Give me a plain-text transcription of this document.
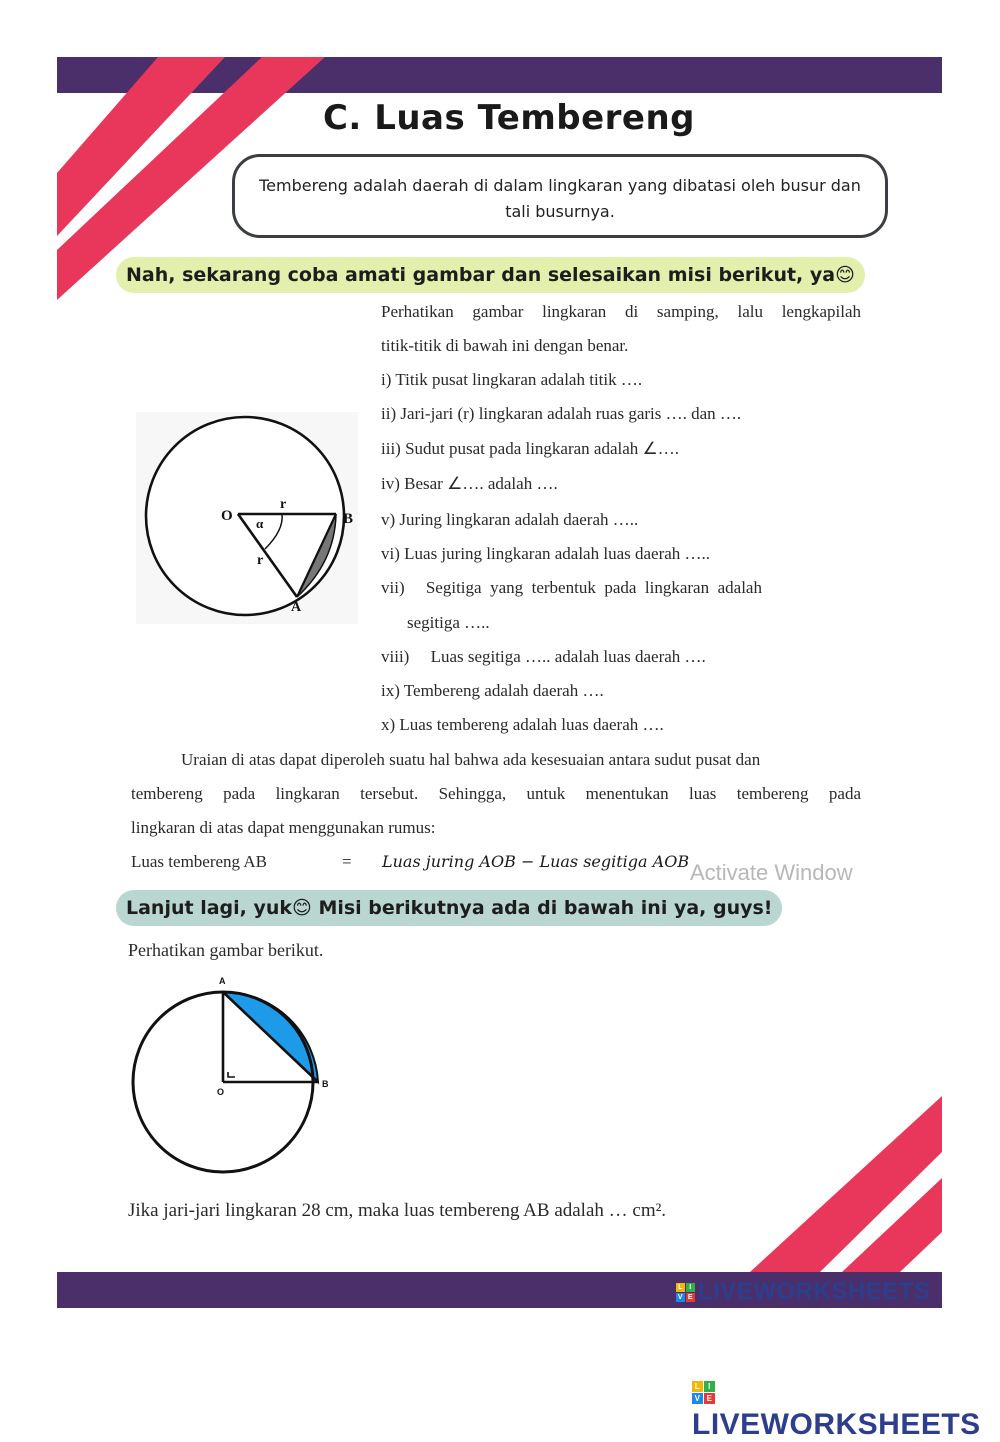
C. Luas Tembereng
Tembereng adalah daerah di dalam lingkaran yang dibatasi oleh busur dan tali busurnya.
Nah, sekarang coba amati gambar dan selesaikan misi berikut, ya😊
O	B
A
r
r
α
Perhatikan gambar lingkaran di samping, lalu lengkapilah
titik-titik di bawah ini dengan benar.
i) Titik pusat lingkaran adalah titik ….
ii) Jari-jari (r) lingkaran adalah ruas garis …. dan ….
iii) Sudut pusat pada lingkaran adalah ∠….
iv) Besar ∠…. adalah ….
v) Juring lingkaran adalah daerah …..
vi) Luas juring lingkaran adalah luas daerah …..
vii)     Segitiga  yang  terbentuk  pada  lingkaran  adalah
segitiga …..
viii)     Luas segitiga ….. adalah luas daerah ….
ix) Tembereng adalah daerah ….
x) Luas tembereng adalah luas daerah ….
Uraian di atas dapat diperoleh suatu hal bahwa ada kesesuaian antara sudut pusat dan
tembereng pada lingkaran tersebut. Sehingga, untuk menentukan luas tembereng pada
lingkaran di atas dapat menggunakan rumus:
Luas tembereng AB	= Luas juring AOB − Luas segitiga AOB Activate Window
Lanjut lagi, yuk😊 Misi berikutnya ada di bawah ini ya, guys!
Perhatikan gambar berikut.
A
O
B
Jika jari-jari lingkaran 28 cm, maka luas tembereng AB adalah … cm².
L I
V E LIVEWORKSHEETS
L I
V E
LIVEWORKSHEETS
